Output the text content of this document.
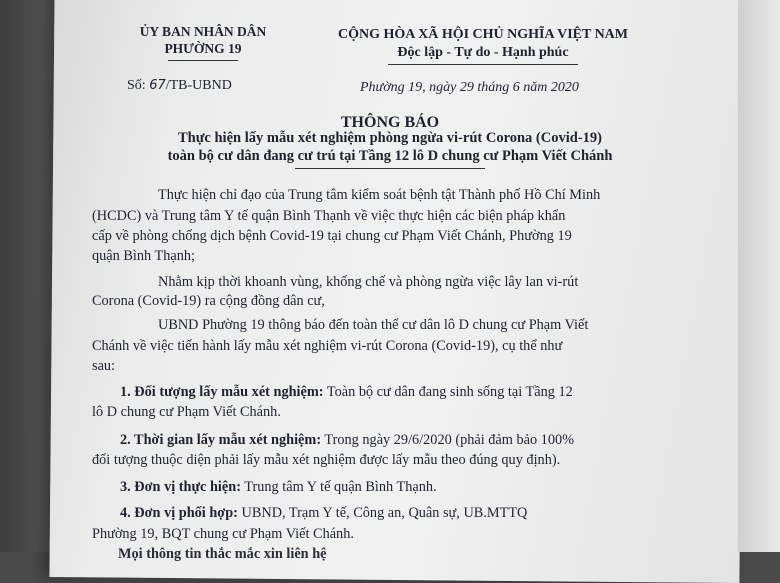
ỦY BAN NHÂN DÂN
PHƯỜNG 19
CỘNG HÒA XÃ HỘI CHỦ NGHĨA VIỆT NAM
Độc lập - Tự do - Hạnh phúc
Số: 67/TB-UBND	Phường 19, ngày 29 tháng 6 năm 2020
THÔNG BÁO
Thực hiện lấy mẫu xét nghiệm phòng ngừa vi-rút Corona (Covid-19)
toàn bộ cư dân đang cư trú tại Tầng 12 lô D chung cư Phạm Viết Chánh
Thực hiện chỉ đạo của Trung tâm kiểm soát bệnh tật Thành phố Hồ Chí Minh
(HCDC) và Trung tâm Y tế quận Bình Thạnh về việc thực hiện các biện pháp khẩn
cấp về phòng chống dịch bệnh Covid-19 tại chung cư Phạm Viết Chánh, Phường 19
quận Bình Thạnh;
Nhằm kịp thời khoanh vùng, khống chế và phòng ngừa việc lây lan vi-rút
Corona (Covid-19) ra cộng đồng dân cư,
UBND Phường 19 thông báo đến toàn thể cư dân lô D chung cư Phạm Viết
Chánh về việc tiến hành lấy mẫu xét nghiệm vi-rút Corona (Covid-19), cụ thể như
sau:
1. Đối tượng lấy mẫu xét nghiệm: Toàn bộ cư dân đang sinh sống tại Tầng 12
lô D chung cư Phạm Viết Chánh.
2. Thời gian lấy mẫu xét nghiệm: Trong ngày 29/6/2020 (phải đảm bảo 100%
đối tượng thuộc diện phải lấy mẫu xét nghiệm được lấy mẫu theo đúng quy định).
3. Đơn vị thực hiện: Trung tâm Y tế quận Bình Thạnh.
4. Đơn vị phối hợp: UBND, Trạm Y tế, Công an, Quân sự, UB.MTTQ
Phường 19, BQT chung cư Phạm Viết Chánh.
Mọi thông tin thắc mắc xin liên hệ
